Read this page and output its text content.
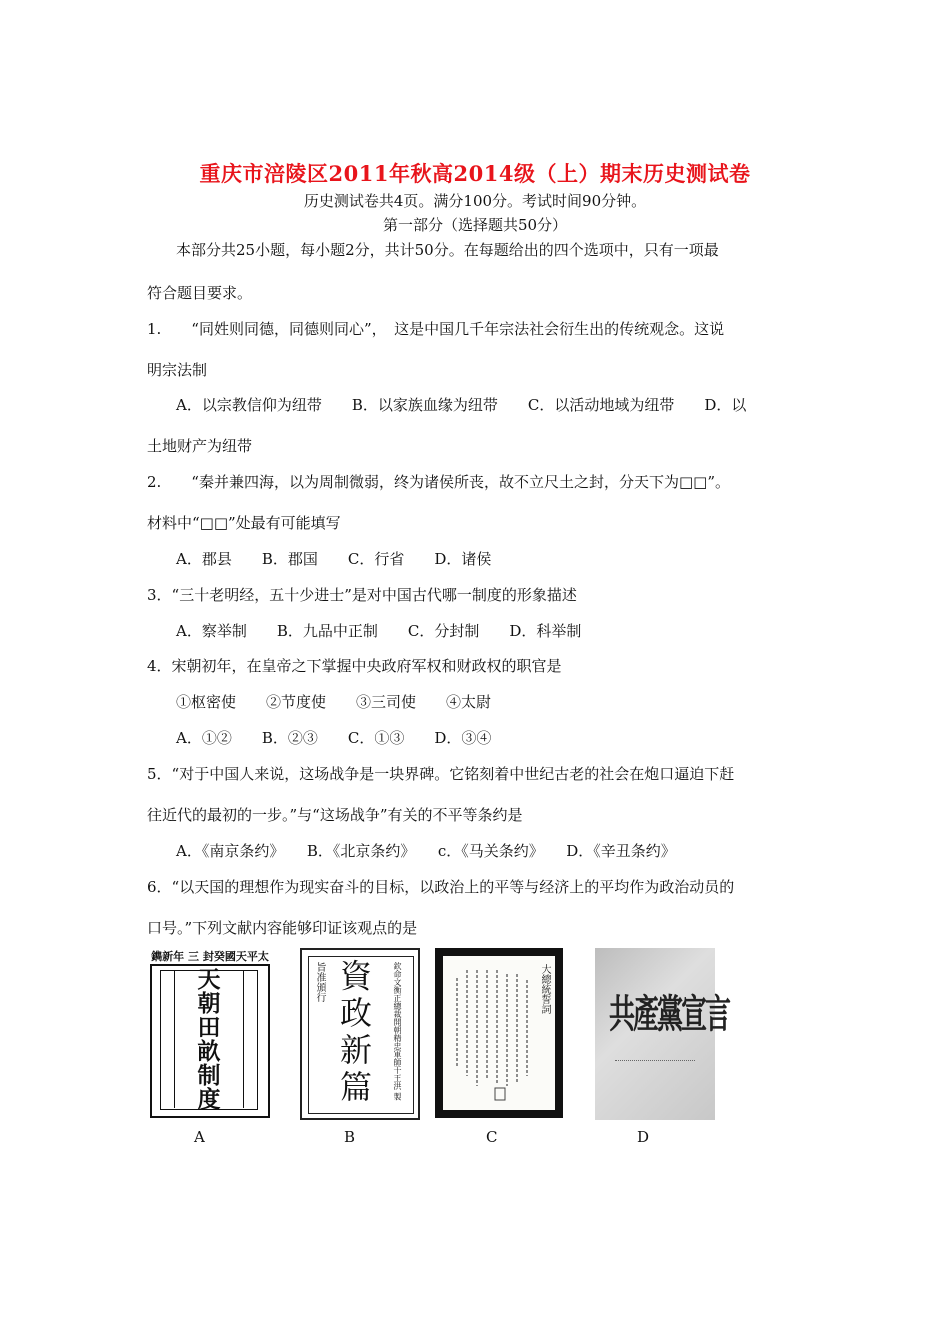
重庆市涪陵区2011年秋高2014级（上）期末历史测试卷
历史测试卷共4页。满分100分。考试时间90分钟。
第一部分（选择题共50分）
本部分共25小题，每小题2分，共计50分。在每题给出的四个选项中，只有一项最
符合题目要求。
1.　　“同姓则同德，同德则同心”，　这是中国几千年宗法社会衍生出的传统观念。这说
明宗法制
A．以宗教信仰为纽带　　B．以家族血缘为纽带　　C．以活动地域为纽带　　D．以
土地财产为纽带
2.　　“秦并兼四海，以为周制微弱，终为诸侯所丧，故不立尺土之封，分天下为□□”。
材料中“□□”处最有可能填写
A．郡县　　B．郡国　　C．行省　　D．诸侯
3．“三十老明经，五十少进士”是对中国古代哪一制度的形象描述
A．察举制　　B．九品中正制　　C．分封制　　D．科举制
4．宋朝初年，在皇帝之下掌握中央政府军权和财政权的职官是
①枢密使　　②节度使　　③三司使　　④太尉
A．①②　　B．②③　　C．①③　　D．③④
5．“对于中国人来说，这场战争是一块界碑。它铭刻着中世纪古老的社会在炮口逼迫下赶
往近代的最初的一步。”与“这场战争”有关的不平等条约是
A．《南京条约》　　B．《北京条约》　　c．《马关条约》　　D．《辛丑条约》
6．“以天国的理想作为现实奋斗的目标，以政治上的平等与经济上的平均作为政治动员的
口号。”下列文献内容能够印证该观点的是
鐫新年 三 封癸國天平太
天
朝
田
畝
制
度
旨准頒行 資
政
新
篇	欽命文衡正總裁開朝精忠軍師干王洪 製	大總統誓詞
共產黨宣言
A	B	C	D
